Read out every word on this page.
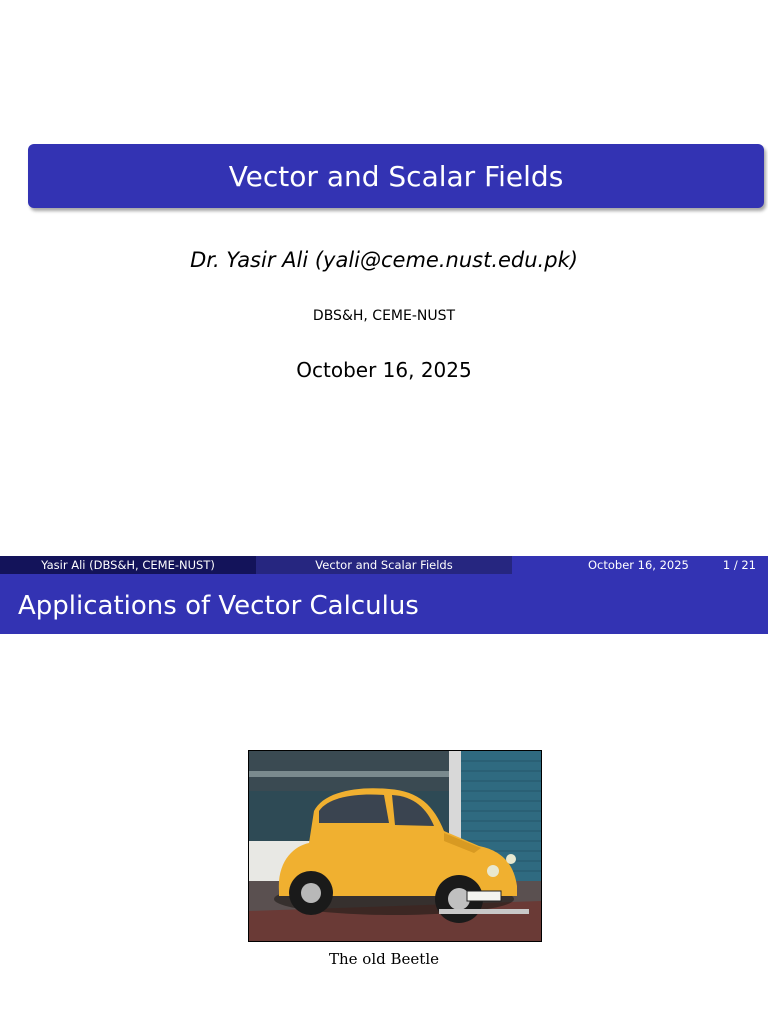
Vector and Scalar Fields
Dr. Yasir Ali (yali@ceme.nust.edu.pk)
DBS&H, CEME-NUST
October 16, 2025
Yasir Ali (DBS&H, CEME-NUST)	Vector and Scalar Fields	October 16, 2025	1 / 21
Applications of Vector Calculus
The old Beetle
